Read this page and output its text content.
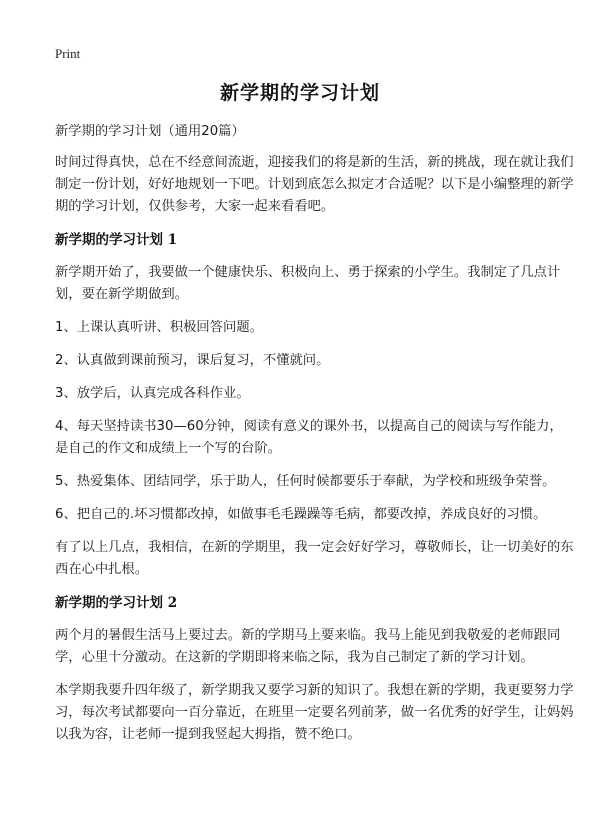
Print
新学期的学习计划

新学期的学习计划（通用20篇）

时间过得真快，总在不经意间流逝，迎接我们的将是新的生活，新的挑战，现在就让我们制定一份计划，好好地规划一下吧。计划到底怎么拟定才合适呢？以下是小编整理的新学期的学习计划，仅供参考，大家一起来看看吧。

新学期的学习计划 1

新学期开始了，我要做一个健康快乐、积极向上、勇于探索的小学生。我制定了几点计划，要在新学期做到。

1、上课认真听讲、积极回答问题。

2、认真做到课前预习，课后复习，不懂就问。

3、放学后，认真完成各科作业。

4、每天坚持读书30—60分钟，阅读有意义的课外书，以提高自己的阅读与写作能力，是自己的作文和成绩上一个写的台阶。

5、热爱集体、团结同学，乐于助人，任何时候都要乐于奉献，为学校和班级争荣誉。

6、把自己的.坏习惯都改掉，如做事毛毛躁躁等毛病，都要改掉，养成良好的习惯。

有了以上几点，我相信，在新的学期里，我一定会好好学习，尊敬师长，让一切美好的东西在心中扎根。

新学期的学习计划 2

两个月的暑假生活马上要过去。新的学期马上要来临。我马上能见到我敬爱的老师跟同学，心里十分激动。在这新的学期即将来临之际，我为自己制定了新的学习计划。

本学期我要升四年级了，新学期我又要学习新的知识了。我想在新的学期，我更要努力学习，每次考试都要向一百分靠近，在班里一定要名列前茅，做一名优秀的好学生，让妈妈以我为容，让老师一提到我竖起大拇指，赞不绝口。
